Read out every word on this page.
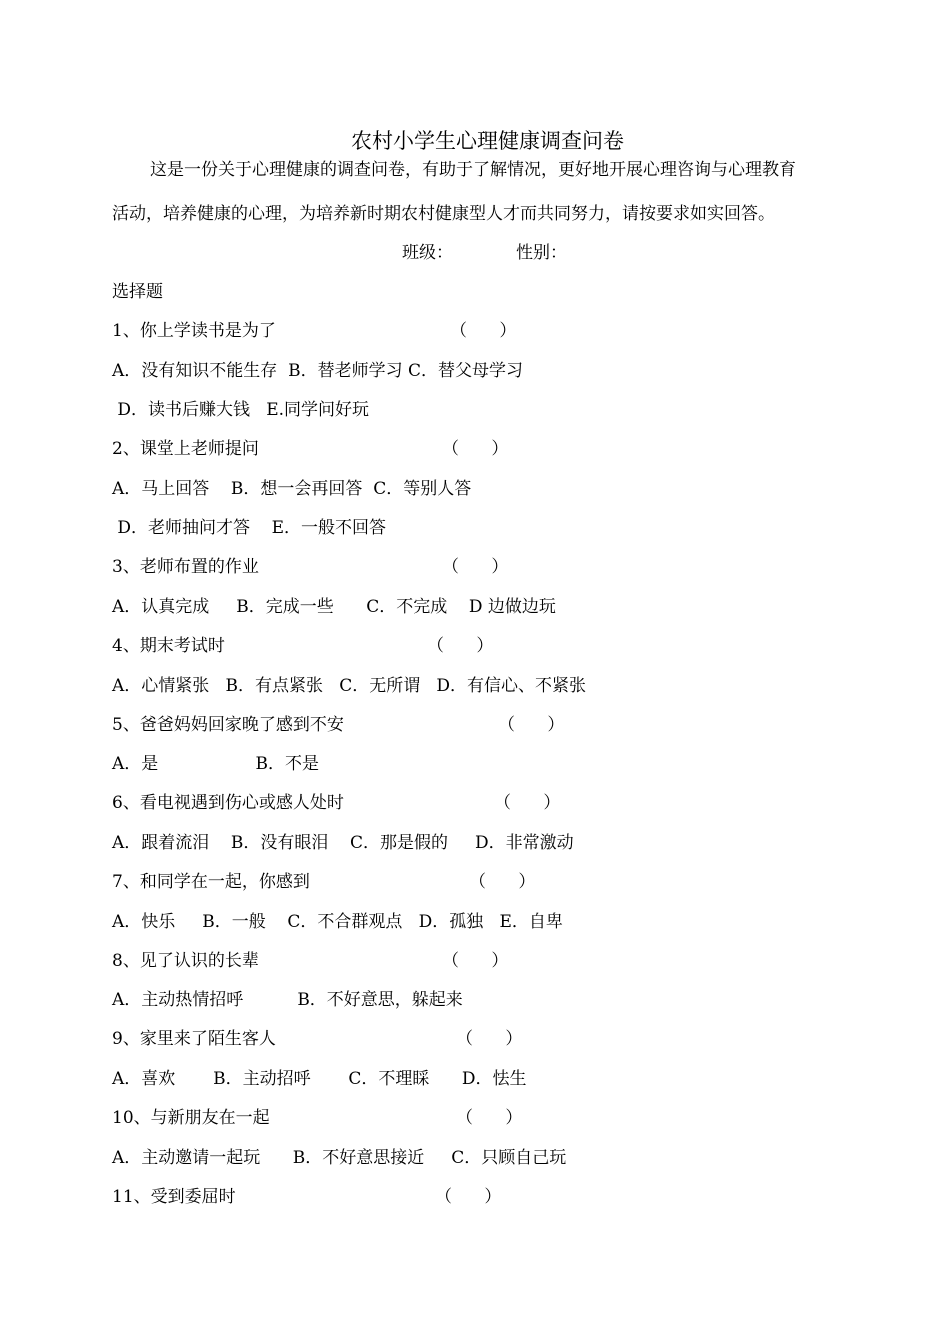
农村小学生心理健康调查问卷
这是一份关于心理健康的调查问卷，有助于了解情况，更好地开展心理咨询与心理教育
活动，培养健康的心理，为培养新时期农村健康型人才而共同努力，请按要求如实回答。
班级：	性别：
选择题
1、你上学读书是为了	（      ）
A．没有知识不能生存  B．替老师学习 C．替父母学习
D．读书后赚大钱   E.同学问好玩
2、课堂上老师提问	（      ）
A．马上回答    B．想一会再回答  C．等别人答
D．老师抽问才答    E．一般不回答
3、老师布置的作业	（      ）
A．认真完成     B．完成一些      C．不完成    D 边做边玩
4、期末考试时	（      ）
A．心情紧张   B．有点紧张   C．无所谓   D．有信心、不紧张
5、爸爸妈妈回家晚了感到不安	（      ）
A．是                  B．不是
6、看电视遇到伤心或感人处时	（      ）
A．跟着流泪    B．没有眼泪    C．那是假的     D．非常激动
7、和同学在一起，你感到	（      ）
A．快乐     B．一般    C．不合群观点   D．孤独   E．自卑
8、见了认识的长辈	（      ）
A．主动热情招呼          B．不好意思，躲起来
9、家里来了陌生客人	（      ）
A．喜欢       B．主动招呼       C．不理睬      D．怯生
10、与新朋友在一起	（      ）
A．主动邀请一起玩      B．不好意思接近     C．只顾自己玩
11、受到委屈时	（      ）
